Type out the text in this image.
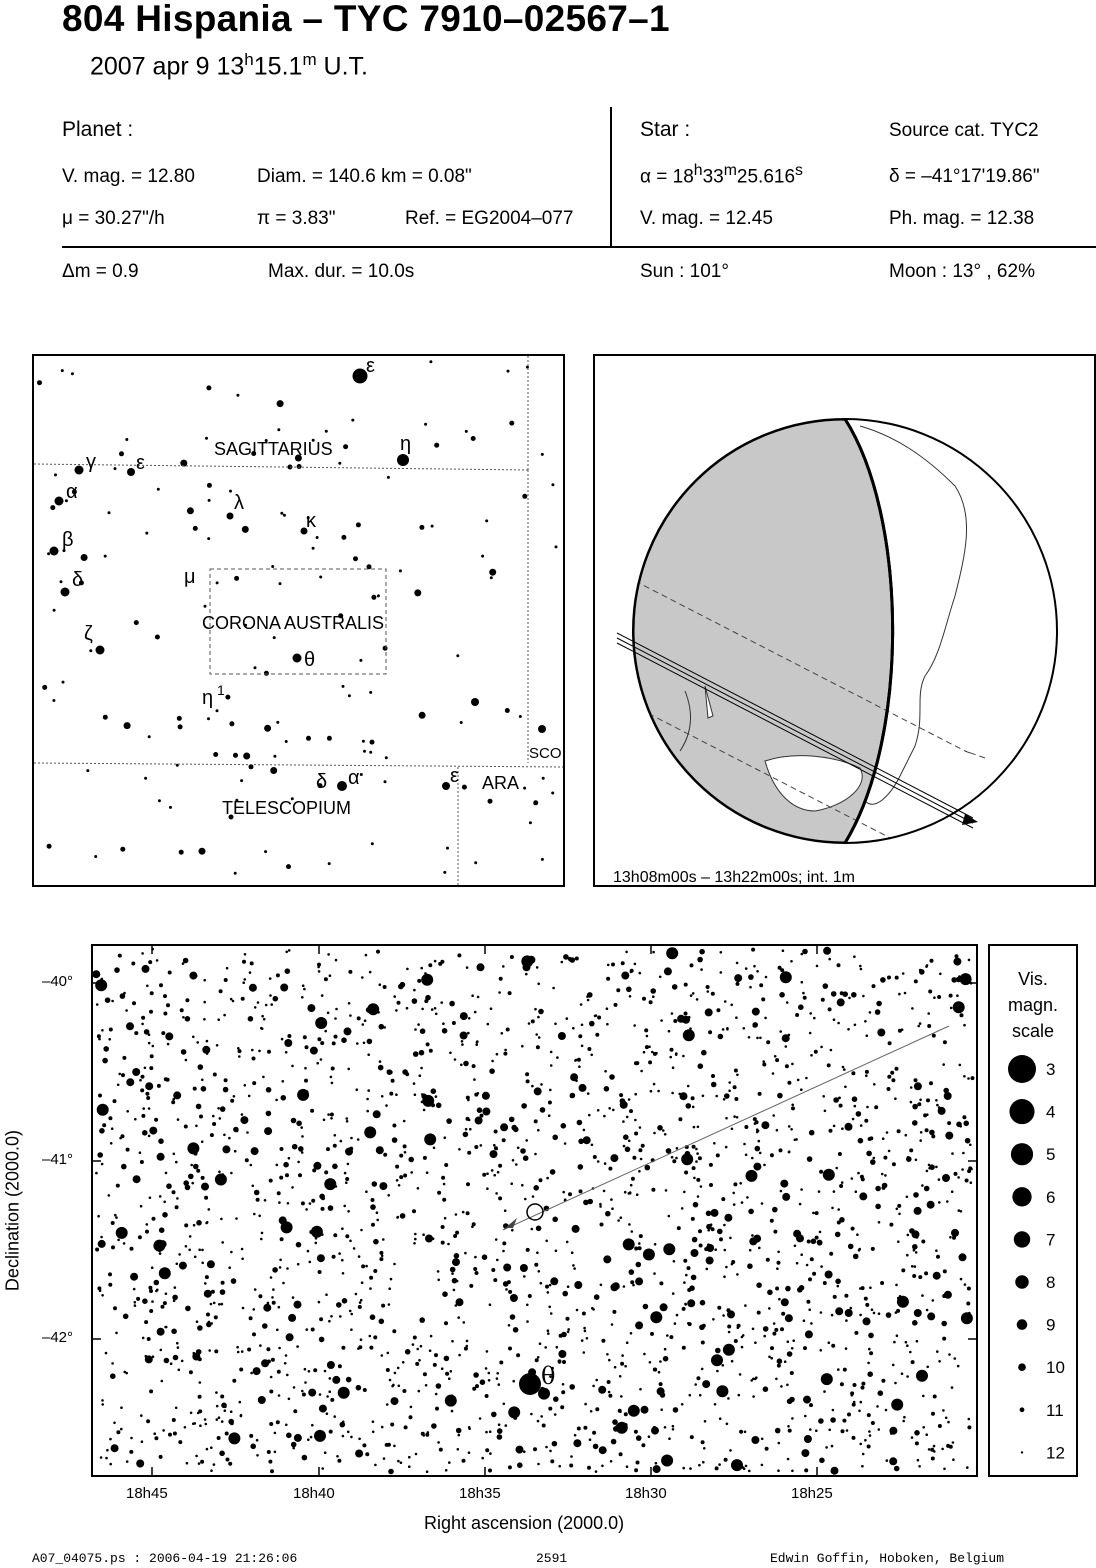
804 Hispania – TYC 7910–02567–1
2007 apr 9 13$^h$15.1$^m$ U.T.
Planet :
V. mag. = 12.80	Diam. = 140.6 km = 0.08"
μ = 30.27"/h	π = 3.83"	Ref. = EG2004–077
Star :	Source cat. TYC2
$\alpha = 18^h33^m25.616^s$	δ = –41°17'19.86"
V. mag. = 12.45	Ph. mag. = 12.38
Δm = 0.9	Max. dur. = 10.0s	Sun : 101°	Moon : 13° , 62%
SAGITTARIUS
CORONA AUSTRALIS
TELESCOPIUM
ARA
SCO
ε
η
γ ε
α
β
λ
κ
δ	μ
ζ
θ
η 1
δ α	ε
13h08m00s – 13h22m00s; int. 1m
θ
–40°
–41°
–42°
18h45	18h40	18h35	18h30	18h25
Right ascension (2000.0)
Declination (2000.0)
Vis.
magn.
scale
3
4
5
6
7
8
9
10
11
12
A07_04075.ps : 2006-04-19 21:26:06	2591	Edwin Goffin, Hoboken, Belgium
